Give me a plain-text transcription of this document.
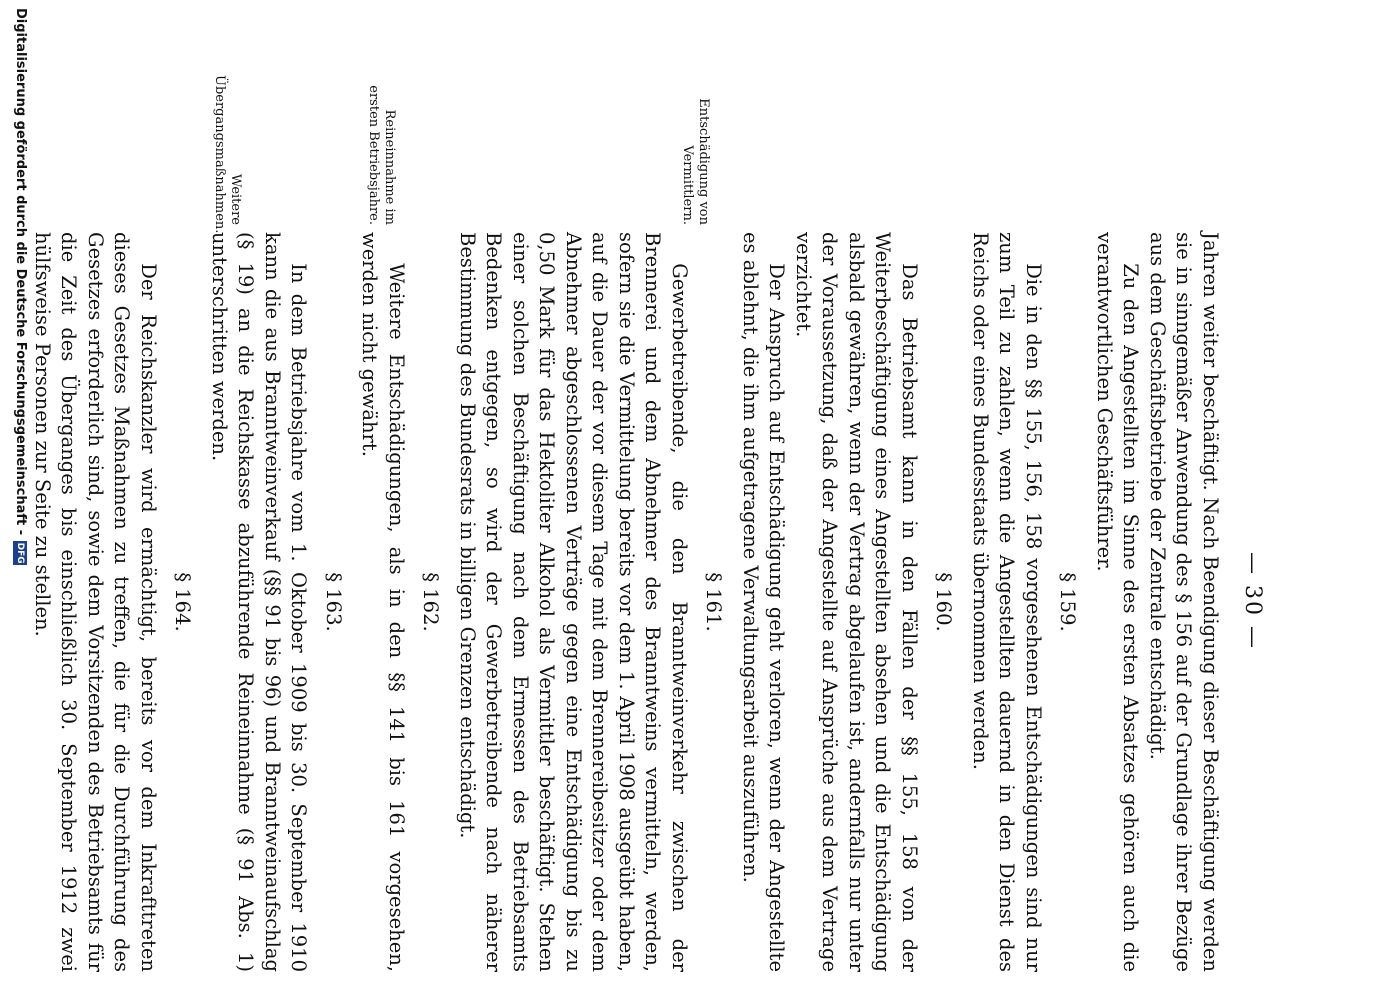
— 30 —

Jahren weiter beschäftigt. Nach Beendigung dieser Beschäftigung werden sie in sinngemäßer Anwendung des § 156 auf der Grundlage ihrer Bezüge aus dem Geschäftsbetriebe der Zentrale entschädigt.

Zu den Angestellten im Sinne des ersten Absatzes gehören auch die verantwortlichen Geschäftsführer.

§ 159.

Die in den §§ 155, 156, 158 vorgesehenen Entschädigungen sind nur zum Teil zu zahlen, wenn die Angestellten dauernd in den Dienst des Reichs oder eines Bundesstaats übernommen werden.

§ 160.

Das Betriebsamt kann in den Fällen der §§ 155, 158 von der Weiterbeschäftigung eines Angestellten absehen und die Entschädigung alsbald gewähren, wenn der Vertrag abgelaufen ist, andernfalls nur unter der Voraussetzung, daß der Angestellte auf Ansprüche aus dem Vertrage verzichtet.

Der Anspruch auf Entschädigung geht verloren, wenn der Angestellte es ablehnt, die ihm aufgetragene Verwaltungsarbeit auszuführen.

§ 161.

Gewerbetreibende, die den Branntweinverkehr zwischen der Brennerei und dem Abnehmer des Branntweins vermitteln, werden, sofern sie die Vermittelung bereits vor dem 1. April 1908 ausgeübt haben, auf die Dauer der vor diesem Tage mit dem Brennereibesitzer oder dem Abnehmer abgeschlossenen Verträge gegen eine Entschädigung bis zu 0,50 Mark für das Hektoliter Alkohol als Vermittler beschäftigt. Stehen einer solchen Beschäftigung nach dem Ermessen des Betriebsamts Bedenken entgegen, so wird der Gewerbetreibende nach näherer Bestimmung des Bundesrats in billigen Grenzen entschädigt.

§ 162.

Weitere Entschädigungen, als in den §§ 141 bis 161 vorgesehen, werden nicht gewährt.

§ 163.

In dem Betriebsjahre vom 1. Oktober 1909 bis 30. September 1910 kann die aus Branntweinverkauf (§§ 91 bis 96) und Branntweinaufschlag (§ 19) an die Reichskasse abzuführende Reineinnahme (§ 91 Abs. 1) unterschritten werden.

§ 164.

Der Reichskanzler wird ermächtigt, bereits vor dem Inkrafttreten dieses Gesetzes Maßnahmen zu treffen, die für die Durchführung des Gesetzes erforderlich sind, sowie dem Vorsitzenden des Betriebsamts für die Zeit des Überganges bis einschließlich 30. September 1912 zwei hülfsweise Personen zur Seite zu stellen.

Entschädigung von Vermittlern.
Reineinnahme im ersten Betriebsjahre.
Weitere Übergangsmaßnahmen.
Digitalisierung gefördert durch die Deutsche Forschungsgemeinschaft -
DFG
